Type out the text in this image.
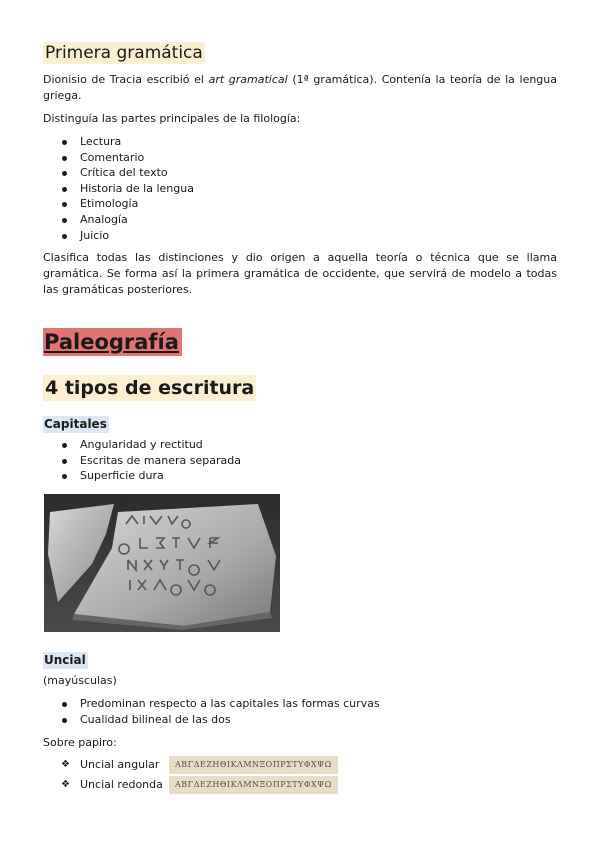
Primera gramática
Dionisio de Tracia escribió el art gramatical (1ª gramática). Contenía la teoría de la lengua griega.
Distinguía las partes principales de la filología:
Lectura
Comentario
Crítica del texto
Historia de la lengua
Etimología
Analogía
Juicio
Clasifica todas las distinciones y dio origen a aquella teoría o técnica que se llama gramática. Se forma así la primera gramática de occidente, que servirá de modelo a todas las gramáticas posteriores.
Paleografía
4 tipos de escritura
Capitales
Angularidad y rectitud
Escritas de manera separada
Superficie dura
Uncial
(mayúsculas)
Predominan respecto a las capitales las formas curvas
Cualidad bilineal de las dos
Sobre papiro:
❖ Uncial angular	ΑΒΓΔΕΖΗΘΙΚΛΜΝΞΟΠΡΣΤΥΦΧΨΩ
❖ Uncial redonda	ΑΒΓΔΕΖΗΘΙΚΛΜΝΞΟΠΡΣΤΥΦΧΨΩ
